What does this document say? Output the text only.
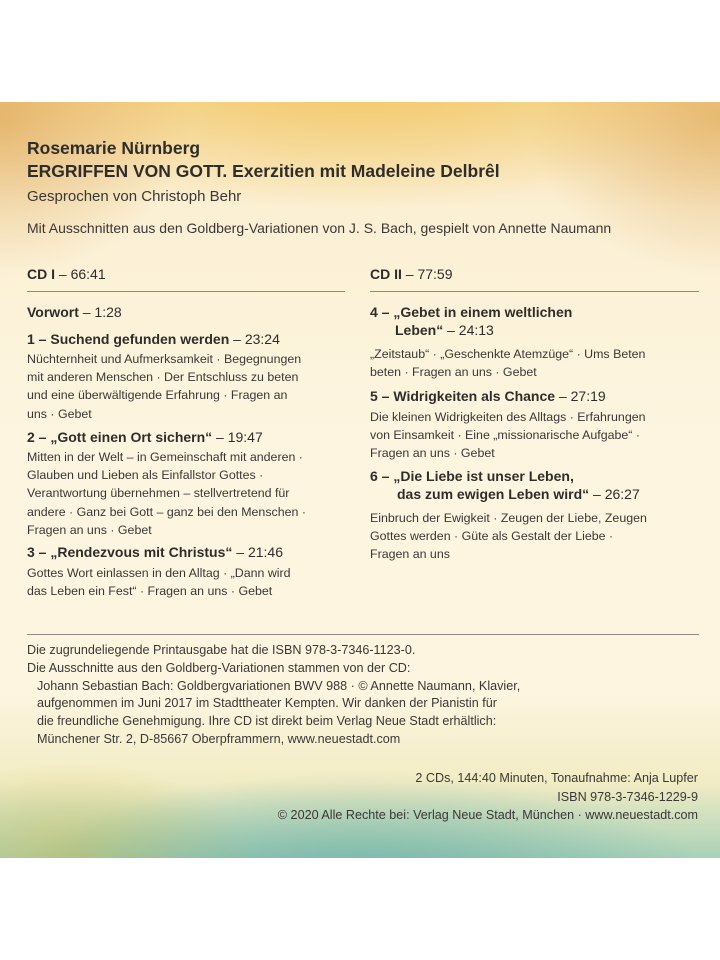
Rosemarie Nürnberg
ERGRIFFEN VON GOTT. Exerzitien mit Madeleine Delbrêl
Gesprochen von Christoph Behr
Mit Ausschnitten aus den Goldberg-Variationen von J. S. Bach, gespielt von Annette Naumann
CD I – 66:41
Vorwort – 1:28
1 – Suchend gefunden werden – 23:24
Nüchternheit und Aufmerksamkeit · Begegnungen
mit anderen Menschen · Der Entschluss zu beten
und eine überwältigende Erfahrung · Fragen an
uns · Gebet
2 – „Gott einen Ort sichern“ – 19:47
Mitten in der Welt – in Gemeinschaft mit anderen ·
Glauben und Lieben als Einfallstor Gottes ·
Verantwortung übernehmen – stellvertretend für
andere · Ganz bei Gott – ganz bei den Menschen ·
Fragen an uns · Gebet
3 – „Rendezvous mit Christus“ – 21:46
Gottes Wort einlassen in den Alltag · „Dann wird
das Leben ein Fest“ · Fragen an uns · Gebet
CD II – 77:59
4 – „Gebet in einem weltlichen
Leben“ – 24:13
„Zeitstaub“ · „Geschenkte Atemzüge“ · Ums Beten
beten · Fragen an uns · Gebet
5 – Widrigkeiten als Chance – 27:19
Die kleinen Widrigkeiten des Alltags · Erfahrungen
von Einsamkeit · Eine „missionarische Aufgabe“ ·
Fragen an uns · Gebet
6 – „Die Liebe ist unser Leben,
das zum ewigen Leben wird“ – 26:27
Einbruch der Ewigkeit · Zeugen der Liebe, Zeugen
Gottes werden · Güte als Gestalt der Liebe ·
Fragen an uns
Die zugrundeliegende Printausgabe hat die ISBN 978-3-7346-1123-0.
Die Ausschnitte aus den Goldberg-Variationen stammen von der CD:
Johann Sebastian Bach: Goldbergvariationen BWV 988 · © Annette Naumann, Klavier,
aufgenommen im Juni 2017 im Stadttheater Kempten. Wir danken der Pianistin für
die freundliche Genehmigung. Ihre CD ist direkt beim Verlag Neue Stadt erhältlich:
Münchener Str. 2, D-85667 Oberpframmern, www.neuestadt.com
2 CDs, 144:40 Minuten, Tonaufnahme: Anja Lupfer
ISBN 978-3-7346-1229-9
© 2020 Alle Rechte bei: Verlag Neue Stadt, München · www.neuestadt.com
